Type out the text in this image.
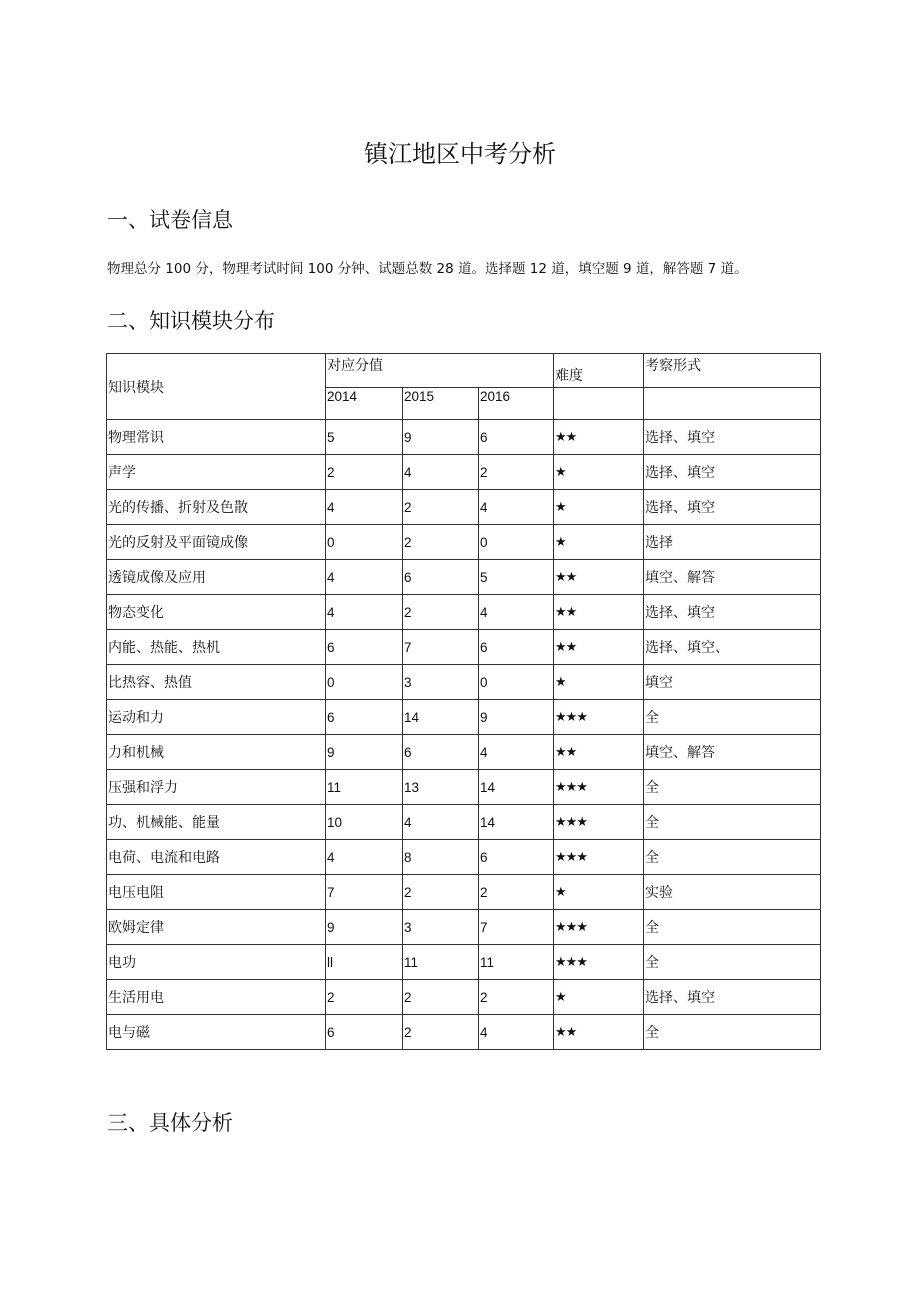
镇江地区中考分析
一、试卷信息

物理总分 100 分，物理考试时间 100 分钟、试题总数 28 道。选择题 12 道，填空题 9 道，解答题 7 道。

二、知识模块分布
知识模块	对应分值			难度	考察形式
	2014	2015	2016		
物理常识	5	9	6	★★	选择、填空
声学	2	4	2	★	选择、填空
光的传播、折射及色散	4	2	4	★	选择、填空
光的反射及平面镜成像	0	2	0	★	选择
透镜成像及应用	4	6	5	★★	填空、解答
物态变化	4	2	4	★★	选择、填空
内能、热能、热机	6	7	6	★★	选择、填空、
比热容、热值	0	3	0	★	填空
运动和力	6	14	9	★★★	全
力和机械	9	6	4	★★	填空、解答
压强和浮力	11	13	14	★★★	全
功、机械能、能量	10	4	14	★★★	全
电荷、电流和电路	4	8	6	★★★	全
电压电阻	7	2	2	★	实验
欧姆定律	9	3	7	★★★	全
电功	ll	11	11	★★★	全
生活用电	2	2	2	★	选择、填空
电与磁	6	2	4	★★	全
三、具体分析
